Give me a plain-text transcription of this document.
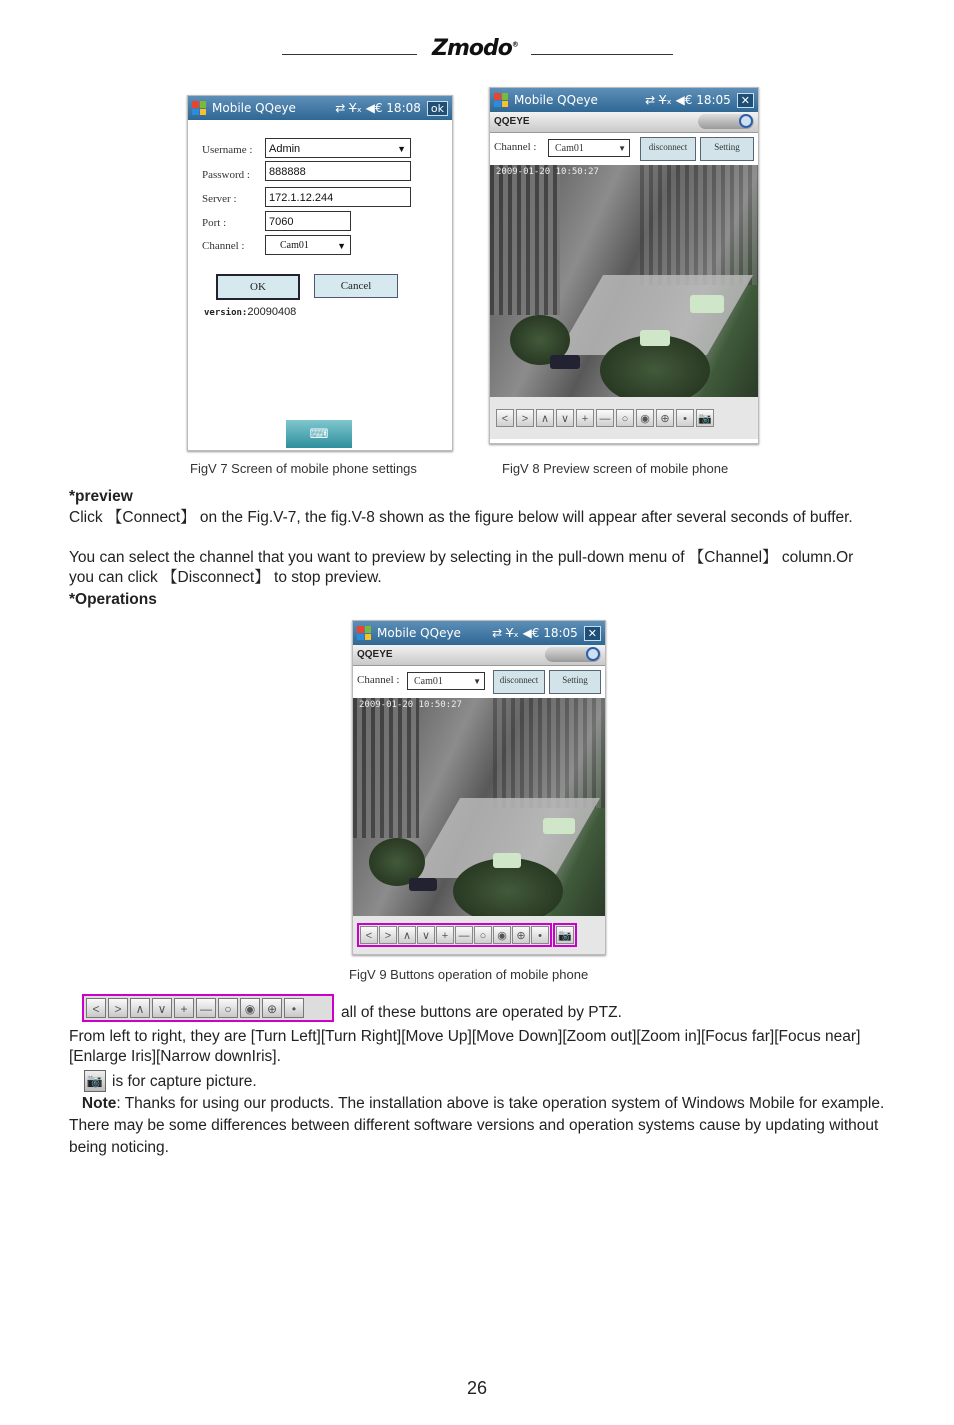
Zmodo®
Mobile QQeye	⇄ Y̶ₓ ◀€ 18:08 ok
Username :	Admin	▼
Password :	888888
Server :	172.1.12.244
Port :	7060
Channel :	Cam01	▼
OK	Cancel
version:20090408
⌨
Mobile QQeye	⇄ Y̶ₓ ◀€ 18:05 ✕
QQEYE
Channel :	Cam01	▼	disconnect	Setting
2009-01-20 10:50:27
<	>	∧	∨	+	—	○	◉ ⊕	•	📷
FigV 7 Screen of mobile phone settings	FigV 8 Preview screen of mobile phone
*preview
Click 【Connect】 on the Fig.V-7, the fig.V-8 shown as the figure below will appear after several seconds of buffer.
You can select the channel that you want to preview by selecting in the pull-down menu of 【Channel】 column.Or you can click 【Disconnect】 to stop preview.
*Operations
Mobile QQeye	⇄ Y̶ₓ ◀€ 18:05 ✕
QQEYE
Channel :	Cam01	▼	disconnect	Setting
2009-01-20 10:50:27
<	>	∧ ∨	+ — ○ ◉ ⊕	•	📷
FigV 9 Buttons operation of mobile phone
<	>	∧	∨	+	—	○	◉ ⊕	•	all of these buttons are operated by PTZ.
From left to right, they are [Turn Left][Turn Right][Move Up][Move Down][Zoom out][Zoom in][Focus far][Focus near][Enlarge Iris][Narrow downIris].
📷 is for capture picture.
Note: Thanks for using our products. The installation above is take operation system of Windows Mobile for example. There may be some differences between different software versions and operation systems cause by updating without being noticing.
26
